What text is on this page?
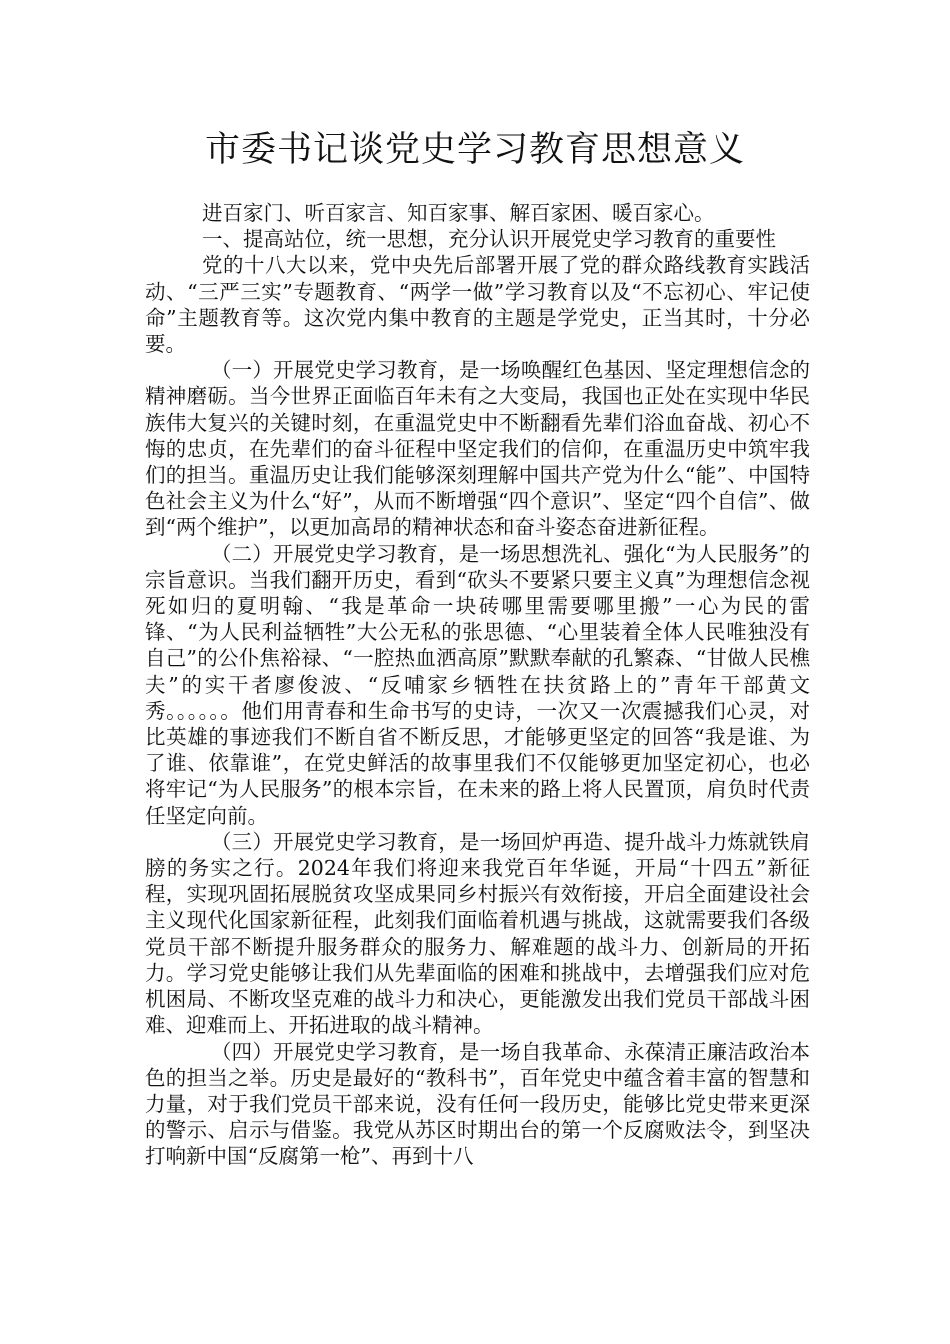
市委书记谈党史学习教育思想意义

进百家门、听百家言、知百家事、解百家困、暖百家心。

一、提高站位，统一思想，充分认识开展党史学习教育的重要性

党的十八大以来，党中央先后部署开展了党的群众路线教育实践活动、“三严三实”专题教育、“两学一做”学习教育以及“不忘初心、牢记使命”主题教育等。这次党内集中教育的主题是学党史，正当其时，十分必要。

（一）开展党史学习教育，是一场唤醒红色基因、坚定理想信念的精神磨砺。当今世界正面临百年未有之大变局，我国也正处在实现中华民族伟大复兴的关键时刻，在重温党史中不断翻看先辈们浴血奋战、初心不悔的忠贞，在先辈们的奋斗征程中坚定我们的信仰，在重温历史中筑牢我们的担当。重温历史让我们能够深刻理解中国共产党为什么“能”、中国特色社会主义为什么“好”，从而不断增强“四个意识”、坚定“四个自信”、做到“两个维护”，以更加高昂的精神状态和奋斗姿态奋进新征程。

（二）开展党史学习教育，是一场思想洗礼、强化“为人民服务”的宗旨意识。当我们翻开历史，看到“砍头不要紧只要主义真”为理想信念视死如归的夏明翰、“我是革命一块砖哪里需要哪里搬”一心为民的雷锋、“为人民利益牺牲”大公无私的张思德、“心里装着全体人民唯独没有自己”的公仆焦裕禄、“一腔热血洒高原”默默奉献的孔繁森、“甘做人民樵夫”的实干者廖俊波、“反哺家乡牺牲在扶贫路上的”青年干部黄文秀。。。。。。他们用青春和生命书写的史诗，一次又一次震撼我们心灵，对比英雄的事迹我们不断自省不断反思，才能够更坚定的回答“我是谁、为了谁、依靠谁”，在党史鲜活的故事里我们不仅能够更加坚定初心，也必将牢记“为人民服务”的根本宗旨，在未来的路上将人民置顶，肩负时代责任坚定向前。

（三）开展党史学习教育，是一场回炉再造、提升战斗力炼就铁肩膀的务实之行。2024年我们将迎来我党百年华诞，开局“十四五”新征程，实现巩固拓展脱贫攻坚成果同乡村振兴有效衔接，开启全面建设社会主义现代化国家新征程，此刻我们面临着机遇与挑战，这就需要我们各级党员干部不断提升服务群众的服务力、解难题的战斗力、创新局的开拓力。学习党史能够让我们从先辈面临的困难和挑战中，去增强我们应对危机困局、不断攻坚克难的战斗力和决心，更能激发出我们党员干部战斗困难、迎难而上、开拓进取的战斗精神。

（四）开展党史学习教育，是一场自我革命、永葆清正廉洁政治本色的担当之举。历史是最好的“教科书”，百年党史中蕴含着丰富的智慧和力量，对于我们党员干部来说，没有任何一段历史，能够比党史带来更深的警示、启示与借鉴。我党从苏区时期出台的第一个反腐败法令，到坚决打响新中国“反腐第一枪”、再到十八
